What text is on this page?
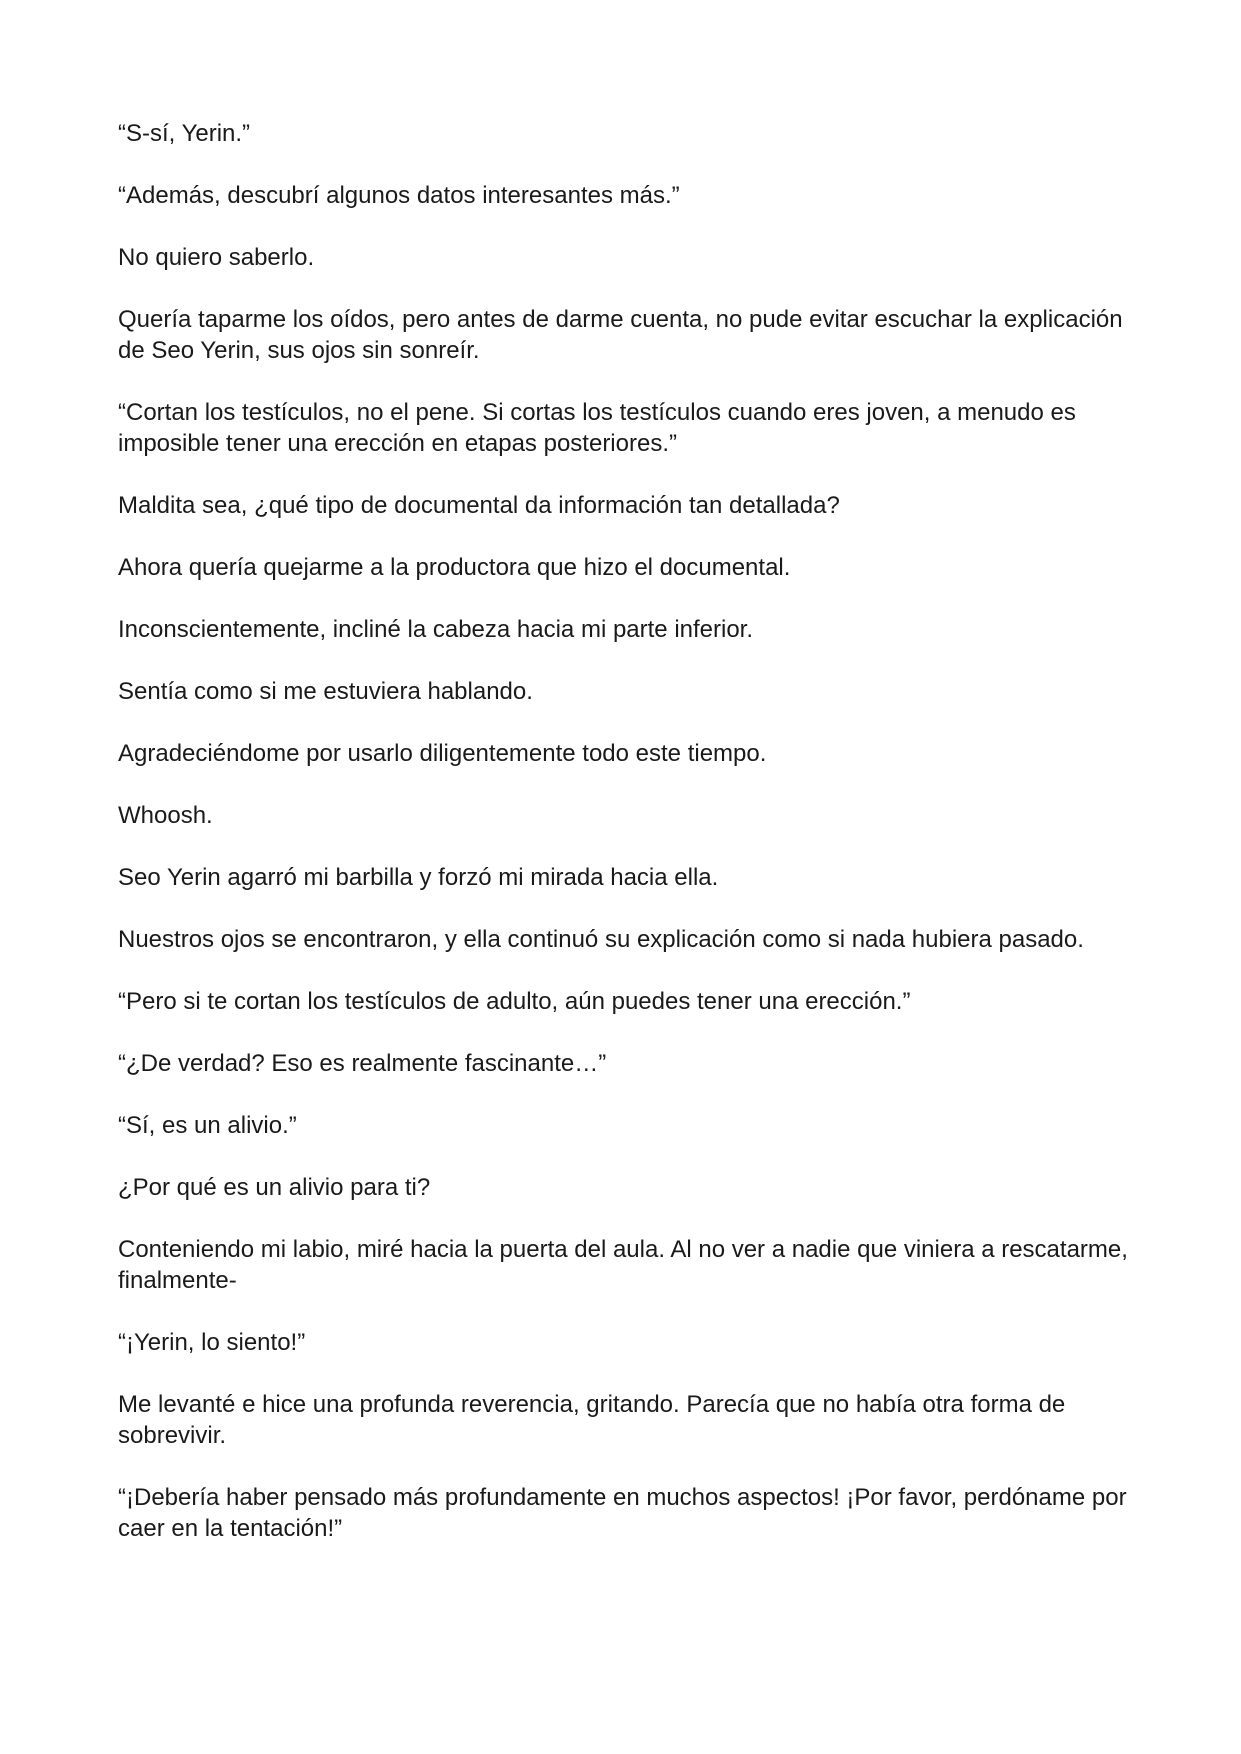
“S-sí, Yerin.”

“Además, descubrí algunos datos interesantes más.”

No quiero saberlo.

Quería taparme los oídos, pero antes de darme cuenta, no pude evitar escuchar la explicación de Seo Yerin, sus ojos sin sonreír.

“Cortan los testículos, no el pene. Si cortas los testículos cuando eres joven, a menudo es imposible tener una erección en etapas posteriores.”

Maldita sea, ¿qué tipo de documental da información tan detallada?

Ahora quería quejarme a la productora que hizo el documental.

Inconscientemente, incliné la cabeza hacia mi parte inferior.

Sentía como si me estuviera hablando.

Agradeciéndome por usarlo diligentemente todo este tiempo.

Whoosh.

Seo Yerin agarró mi barbilla y forzó mi mirada hacia ella.

Nuestros ojos se encontraron, y ella continuó su explicación como si nada hubiera pasado.

“Pero si te cortan los testículos de adulto, aún puedes tener una erección.”

“¿De verdad? Eso es realmente fascinante…”

“Sí, es un alivio.”

¿Por qué es un alivio para ti?

Conteniendo mi labio, miré hacia la puerta del aula. Al no ver a nadie que viniera a rescatarme, finalmente-

“¡Yerin, lo siento!”

Me levanté e hice una profunda reverencia, gritando. Parecía que no había otra forma de sobrevivir.

“¡Debería haber pensado más profundamente en muchos aspectos! ¡Por favor, perdóname por caer en la tentación!”
